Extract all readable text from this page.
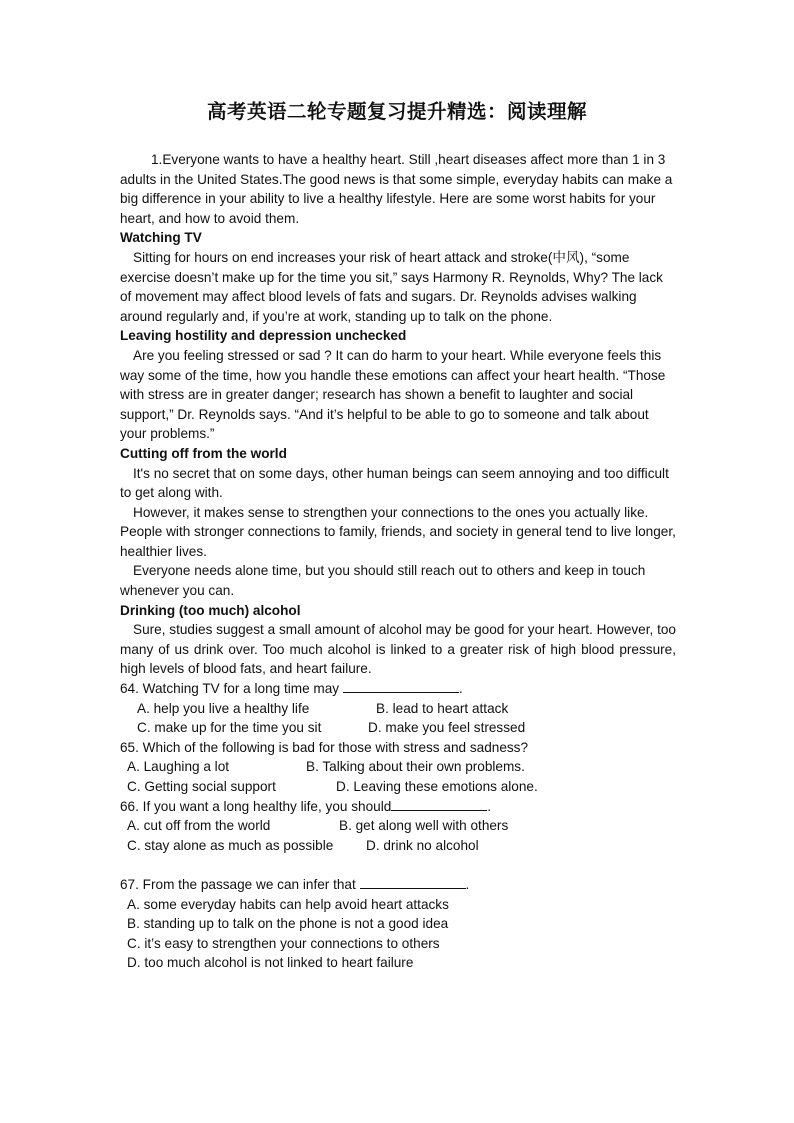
高考英语二轮专题复习提升精选：阅读理解

1.Everyone wants to have a healthy heart. Still ,heart diseases affect more than 1 in 3 adults in the United States.The good news is that some simple, everyday habits can make a big difference in your ability to live a healthy lifestyle. Here are some worst habits for your heart, and how to avoid them.

Watching TV

Sitting for hours on end increases your risk of heart attack and stroke(中风), “some exercise doesn’t make up for the time you sit,” says Harmony R. Reynolds, Why? The lack of movement may affect blood levels of fats and sugars. Dr. Reynolds advises walking around regularly and, if you’re at work, standing up to talk on the phone.

Leaving hostility and depression unchecked

Are you feeling stressed or sad ? It can do harm to your heart. While everyone feels this way some of the time, how you handle these emotions can affect your heart health. “Those with stress are in greater danger; research has shown a benefit to laughter and social support,” Dr. Reynolds says. “And it’s helpful to be able to go to someone and talk about your problems.”

Cutting off from the world

It's no secret that on some days, other human beings can seem annoying and too difficult to get along with.

However, it makes sense to strengthen your connections to the ones you actually like. People with stronger connections to family, friends, and society in general tend to live longer, healthier lives.

Everyone needs alone time, but you should still reach out to others and keep in touch whenever you can.

Drinking (too much) alcohol

Sure, studies suggest a small amount of alcohol may be good for your heart. However, too many of us drink over. Too much alcohol is linked to a greater risk of high blood pressure, high levels of blood fats, and heart failure.

64. Watching TV for a long time may	.

A. help you live a healthy life	B. lead to heart attack
C. make up for the time you sit	D. make you feel stressed

65. Which of the following is bad for those with stress and sadness?

A. Laughing a lot	B. Talking about their own problems.
C. Getting social support	D. Leaving these emotions alone.

66. If you want a long healthy life, you should	.

A. cut off from the world	B. get along well with others
C. stay alone as much as possible	D. drink no alcohol

67. From the passage we can infer that	.

A. some everyday habits can help avoid heart attacks

B. standing up to talk on the phone is not a good idea

C. it’s easy to strengthen your connections to others

D. too much alcohol is not linked to heart failure
